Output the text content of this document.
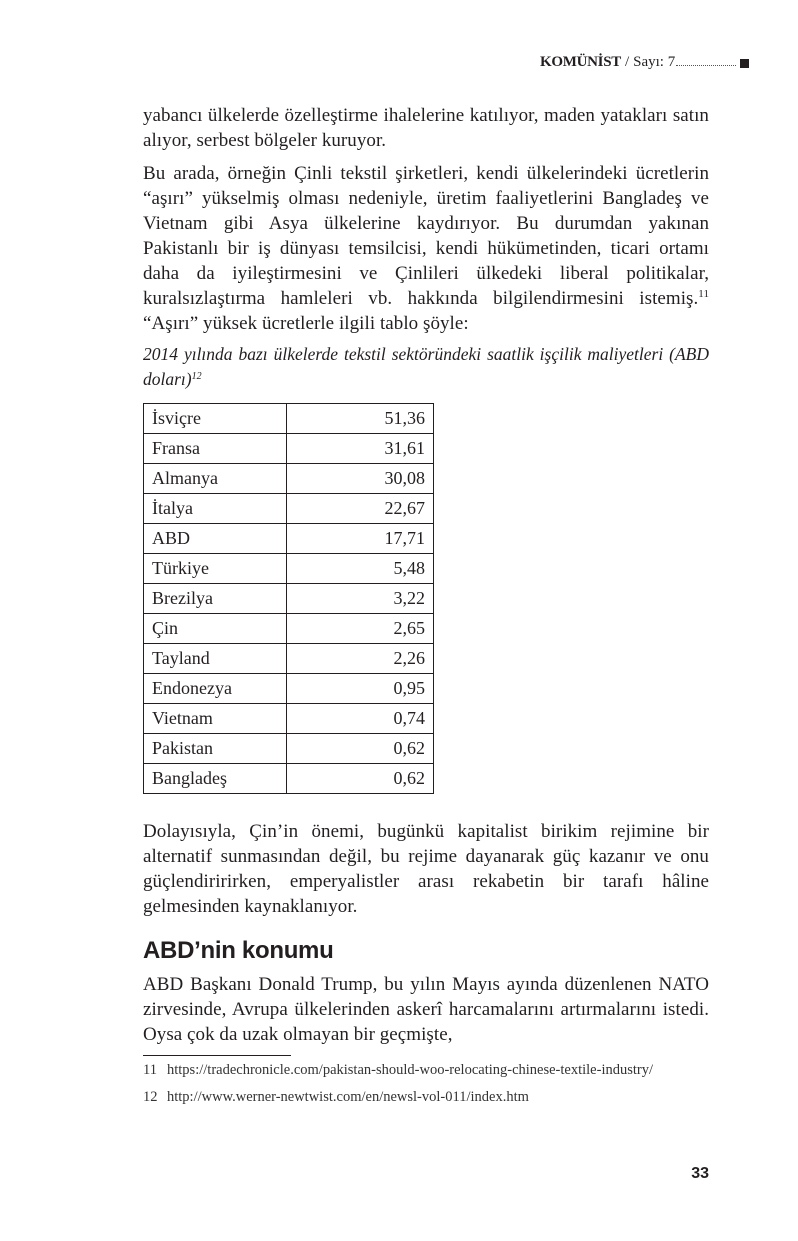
KOMÜNİST / Sayı: 7

yabancı ülkelerde özelleştirme ihalelerine katılıyor, maden yatakları satın alıyor, serbest bölgeler kuruyor.

Bu arada, örneğin Çinli tekstil şirketleri, kendi ülkelerindeki ücretlerin “aşırı” yükselmiş olması nedeniyle, üretim faaliyetlerini Bangladeş ve Vietnam gibi Asya ülkelerine kaydırıyor. Bu durumdan yakınan Pakistanlı bir iş dünyası temsilcisi, kendi hükümetinden, ticari ortamı daha da iyileştirmesini ve Çinlileri ülkedeki liberal politikalar, kuralsızlaştırma hamleleri vb. hakkında bilgilendirmesini istemiş.$^{11}$ “Aşırı” yüksek ücretlerle ilgili tablo şöyle:

2014 yılında bazı ülkelerde tekstil sektöründeki saatlik işçilik maliyetleri (ABD doları)$^{12}$

İsviçre	51,36
Fransa	31,61
Almanya	30,08
İtalya	22,67
ABD	17,71
Türkiye	5,48
Brezilya	3,22
Çin	2,65
Tayland	2,26
Endonezya	0,95
Vietnam	0,74
Pakistan	0,62
Bangladeş	0,62

Dolayısıyla, Çin’in önemi, bugünkü kapitalist birikim rejimine bir alternatif sunmasından değil, bu rejime dayanarak güç kazanır ve onu güçlendiririrken, emperyalistler arası rekabetin bir tarafı hâline gelmesinden kaynaklanıyor.

ABD’nin konumu

ABD Başkanı Donald Trump, bu yılın Mayıs ayında düzenlenen NATO zirvesinde, Avrupa ülkelerinden askerî harcamalarını artırmalarını istedi. Oysa çok da uzak olmayan bir geçmişte,

11 https://tradechronicle.com/pakistan-should-woo-relocating-chinese-textile-industry/
12 http://www.werner-newtwist.com/en/newsl-vol-011/index.htm
33
